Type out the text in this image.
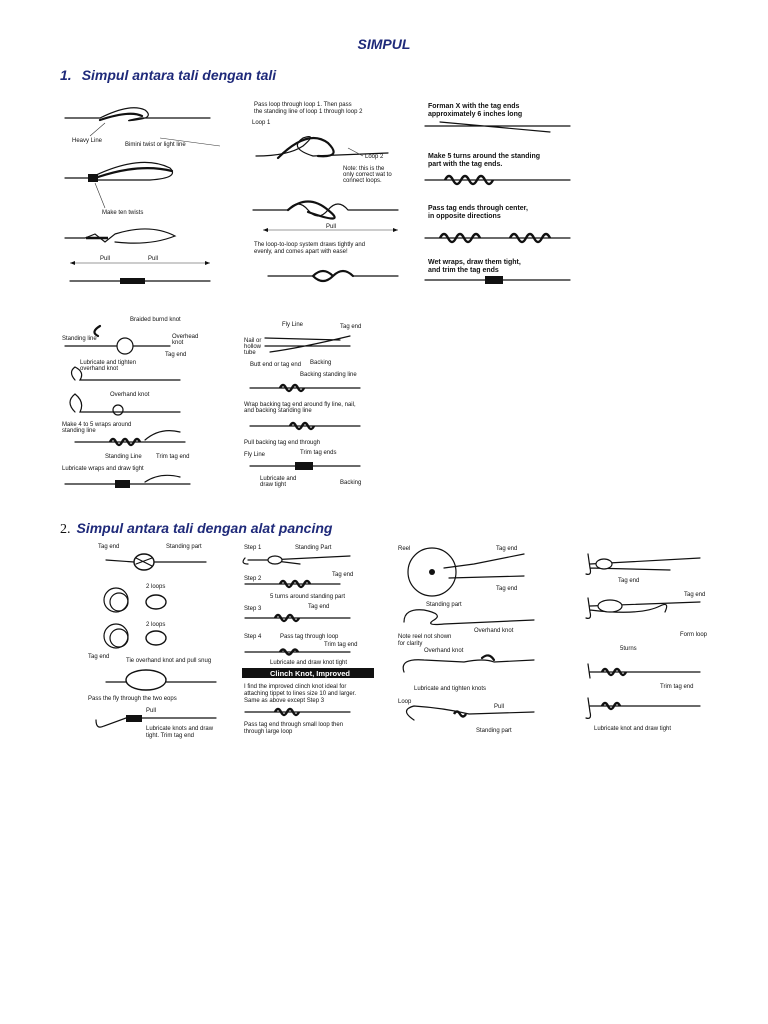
SIMPUL
1. Simpul antara tali dengan tali
Heavy Line
Bimini twist or light line
Make ten twists
Pull	Pull
Pass loop through loop 1. Then pass
the standing line of loop 1 through loop 2
Loop 1
Loop 2
Note: this is the
only correct wat to
connect loops.
Pull
The loop-to-loop system draws tightly and
evenly, and comes apart with ease!
Forman X with the tag ends
approximately 6 inches long
Make 5 turns around the standing
part with the tag ends.
Pass tag ends through center,
in opposite directions
Wet wraps, draw them tight,
and trim the tag ends
Braided burnd knot
Standing line	Overhead
knot
Tag end
Lubricate and tighten
overhand knot
Overhand knot
Make 4 to 5 wraps around
standing line
Standing Line Trim tag end
Lubricate wraps and draw tight
Fly Line	Tag end
Nail or
hollow
tube
Backing
Butt end or tag end
Backing standing line
Wrap backing tag end around fly line, nail,
and backing standing line
Pull backing tag end through
Fly Line	Trim tag ends
Lubricate and
draw tight	Backing
2. Simpul antara tali dengan alat pancing
Tag end	Standing part
2 loops
2 loops
Tag end
Tie overhand knot and pull snug
Pass the fly through the two eops
Pull
Lubricate knots and draw
tight. Trim tag end
Step 1	Standing Part
Tag end
Step 2
5 turns around standing part
Step 3	Tag end
Step 4	Pass tag through loop
Trim tag end
Lubricate and draw knot tight
Clinch Knot, Improved
I find the improved clinch knot ideal for
attaching tippet to lines size 10 and larger.
Same as above except Step 3
Pass tag end through small loop then
through large loop
Reel	Tag end
Standing part
Tag end
Overhand knot
Note reel not shown
for clarity
Overhand knot
Lubricate and tighten knots
Loop
Pull
Standing part
Tag end
Tag end
Form loop
5turns
Trim tag end
Lubricate knot and draw tight
